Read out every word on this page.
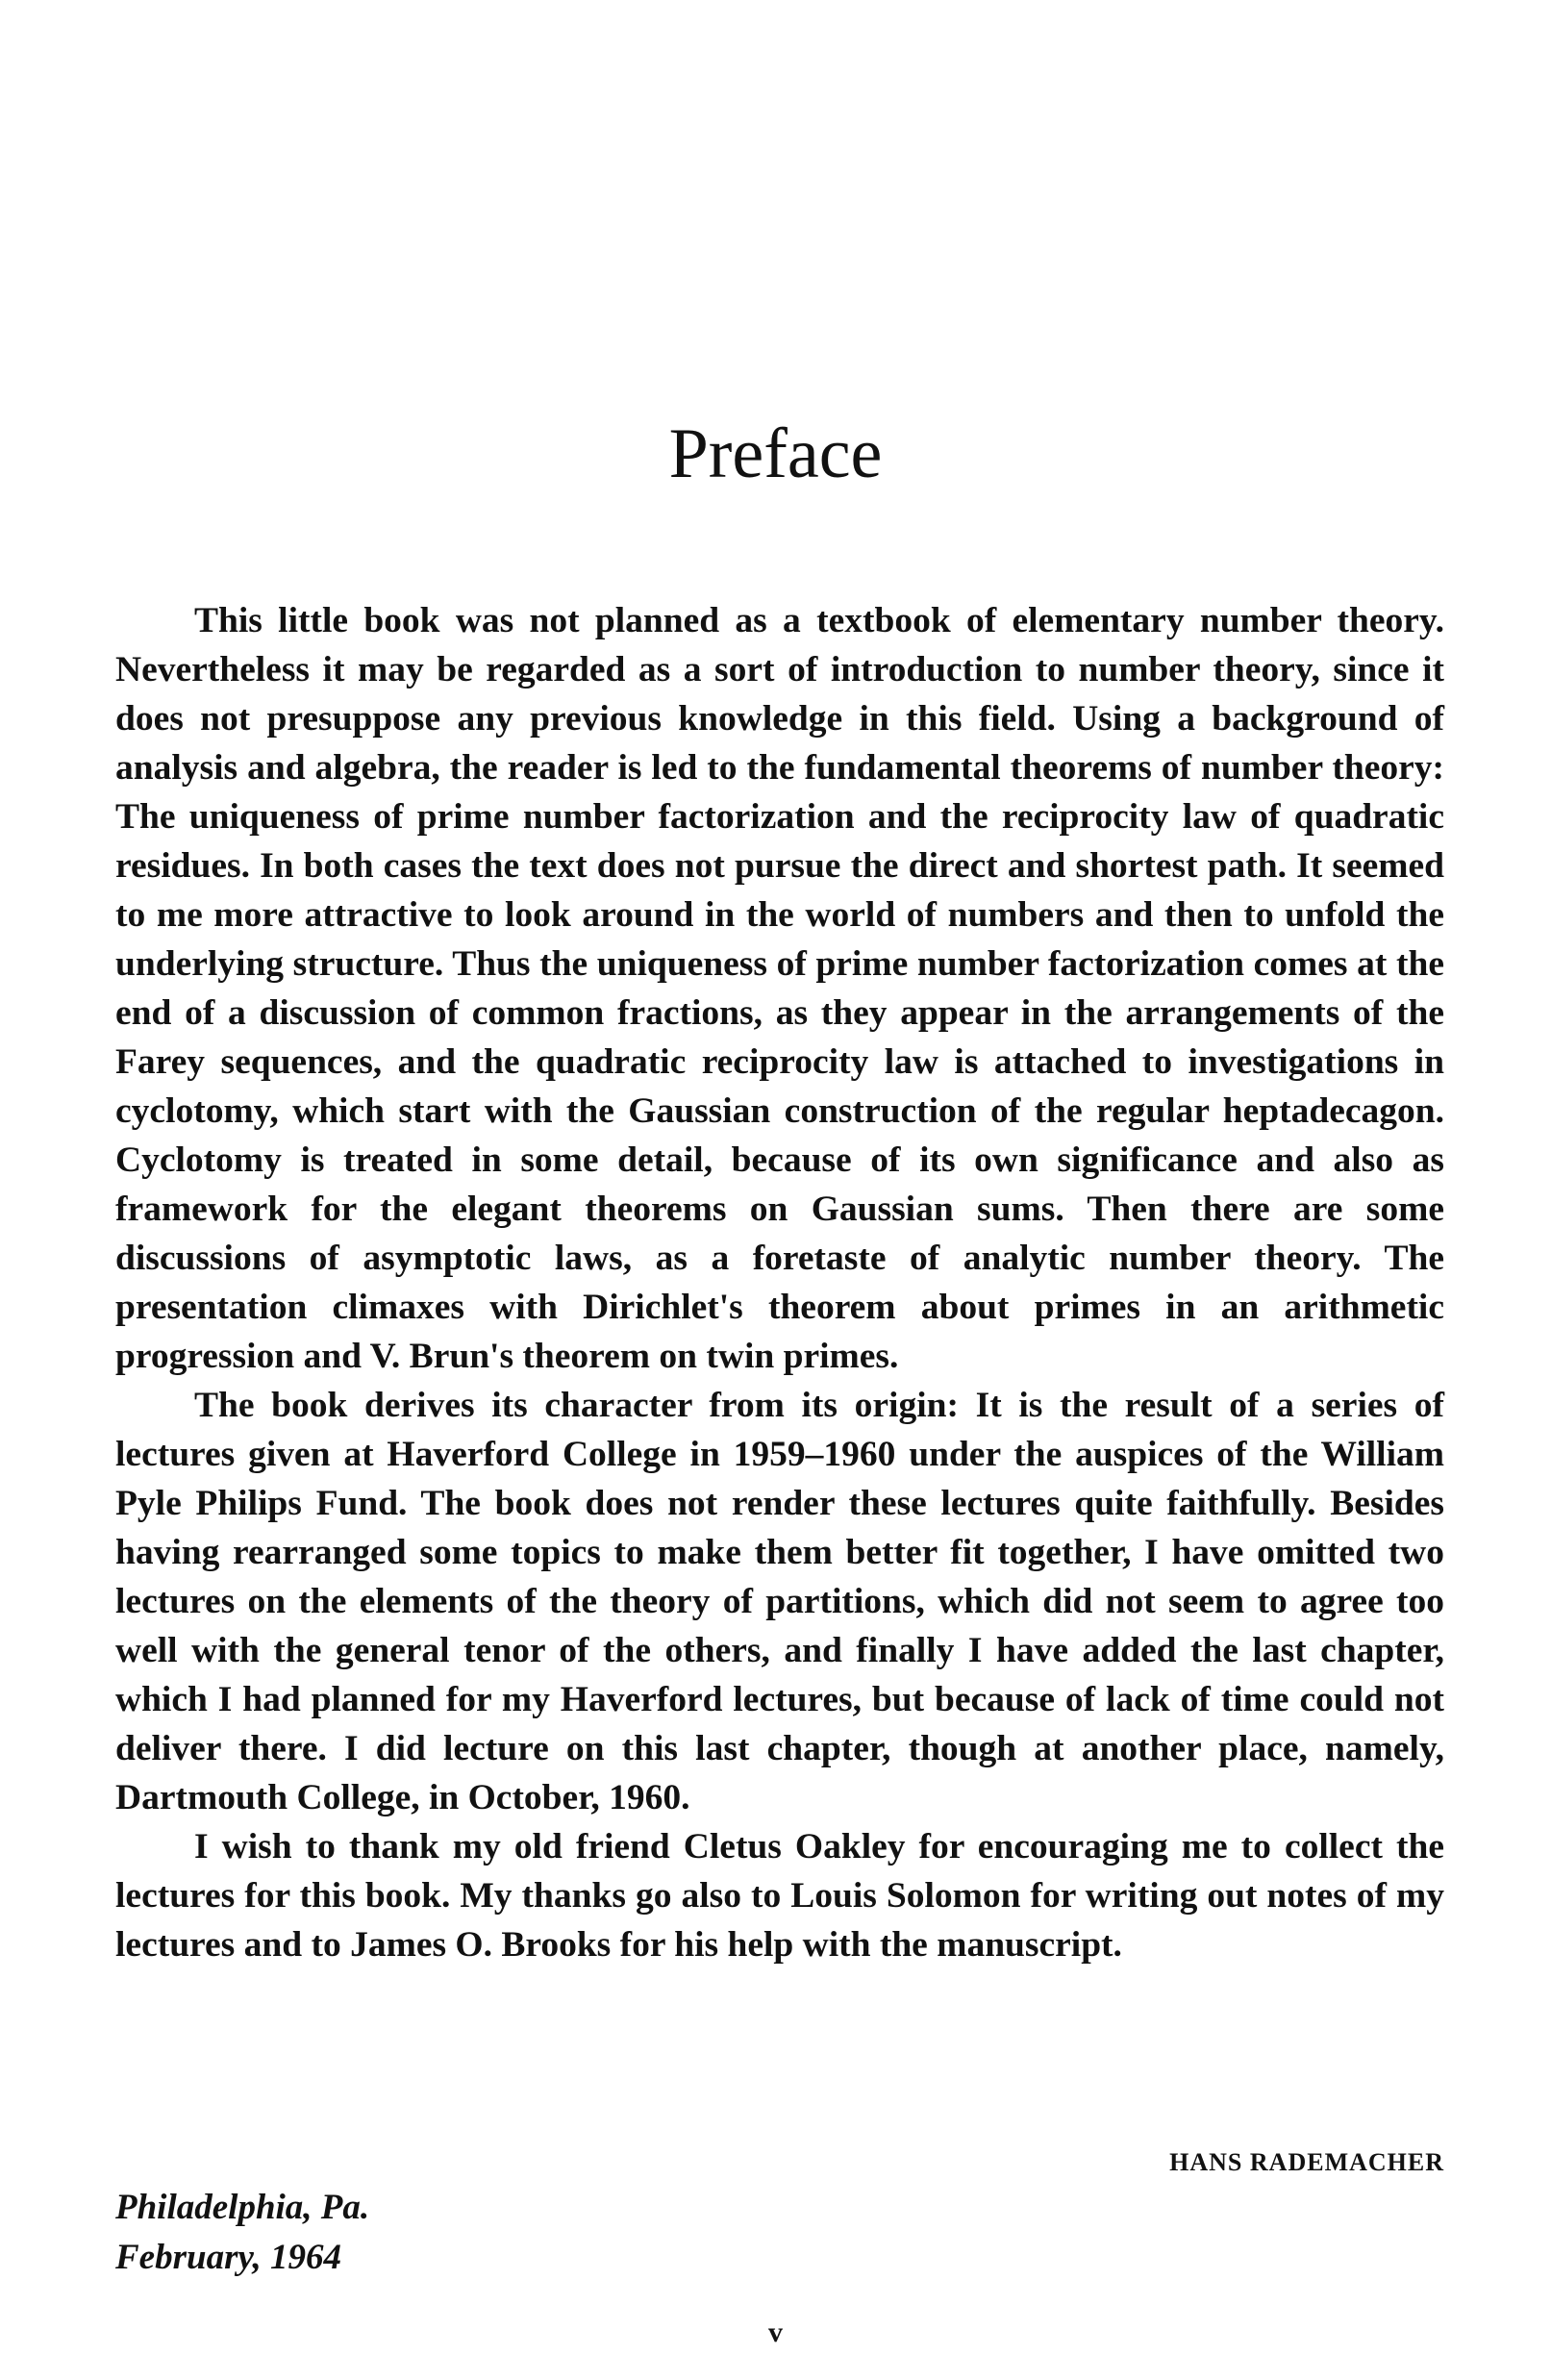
Preface

This little book was not planned as a textbook of elementary number theory. Nevertheless it may be regarded as a sort of introduction to number theory, since it does not presuppose any previous knowledge in this field. Using a background of analysis and algebra, the reader is led to the fundamental theorems of number theory: The uniqueness of prime number factorization and the reciprocity law of quadratic residues. In both cases the text does not pursue the direct and shortest path. It seemed to me more attractive to look around in the world of numbers and then to unfold the underlying structure. Thus the uniqueness of prime number factorization comes at the end of a discussion of common fractions, as they appear in the arrangements of the Farey sequences, and the quadratic reciprocity law is attached to investigations in cyclotomy, which start with the Gaussian construction of the regular heptadecagon. Cyclotomy is treated in some detail, because of its own significance and also as framework for the elegant theorems on Gaussian sums. Then there are some discussions of asymptotic laws, as a foretaste of analytic number theory. The presentation climaxes with Dirichlet's theorem about primes in an arithmetic progression and V. Brun's theorem on twin primes.

The book derives its character from its origin: It is the result of a series of lectures given at Haverford College in 1959–1960 under the auspices of the William Pyle Philips Fund. The book does not render these lectures quite faithfully. Besides having rearranged some topics to make them better fit together, I have omitted two lectures on the elements of the theory of partitions, which did not seem to agree too well with the general tenor of the others, and finally I have added the last chapter, which I had planned for my Haverford lectures, but because of lack of time could not deliver there. I did lecture on this last chapter, though at another place, namely, Dartmouth College, in October, 1960.

I wish to thank my old friend Cletus Oakley for encouraging me to collect the lectures for this book. My thanks go also to Louis Solomon for writing out notes of my lectures and to James O. Brooks for his help with the manuscript.

HANS RADEMACHER
Philadelphia, Pa.
February, 1964
v
